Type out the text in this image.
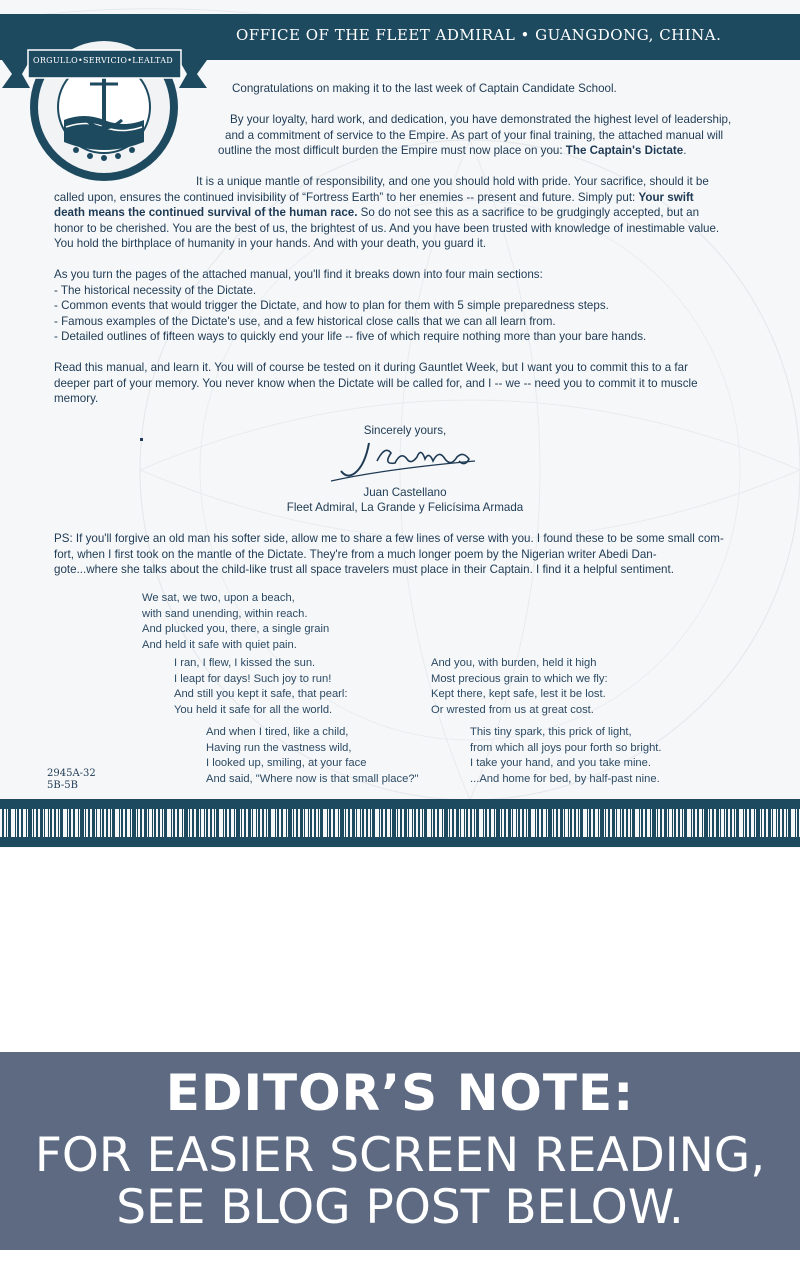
OFFICE OF THE FLEET ADMIRAL • GUANGDONG, CHINA.
ORGULLO•SERVICIO•LEALTAD

Congratulations on making it to the last week of Captain Candidate School.

By your loyalty, hard work, and dedication, you have demonstrated the highest level of leadership,

and a commitment of service to the Empire. As part of your final training, the attached manual will

outline the most difficult burden the Empire must now place on you: The Captain's Dictate.

It is a unique mantle of responsibility, and one you should hold with pride. Your sacrifice, should it be

called upon, ensures the continued invisibility of “Fortress Earth” to her enemies -- present and future. Simply put: Your swift

death means the continued survival of the human race. So do not see this as a sacrifice to be grudgingly accepted, but an

honor to be cherished. You are the best of us, the brightest of us. And you have been trusted with knowledge of inestimable value.

You hold the birthplace of humanity in your hands. And with your death, you guard it.

As you turn the pages of the attached manual, you'll find it breaks down into four main sections:

- The historical necessity of the Dictate.
- Common events that would trigger the Dictate, and how to plan for them with 5 simple preparedness steps.
- Famous examples of the Dictate's use, and a few historical close calls that we can all learn from.
- Detailed outlines of fifteen ways to quickly end your life -- five of which require nothing more than your bare hands.

Read this manual, and learn it. You will of course be tested on it during Gauntlet Week, but I want you to commit this to a far

deeper part of your memory. You never know when the Dictate will be called for, and I -- we -- need you to commit it to muscle

memory.

Sincerely yours,
Juan Castellano
Fleet Admiral, La Grande y Felicísima Armada

PS: If you'll forgive an old man his softer side, allow me to share a few lines of verse with you. I found these to be some small com-

fort, when I first took on the mantle of the Dictate. They're from a much longer poem by the Nigerian writer Abedi Dan-

gote...where she talks about the child-like trust all space travelers must place in their Captain. I find it a helpful sentiment.

We sat, we two, upon a beach,
with sand unending, within reach.
And plucked you, there, a single grain
And held it safe with quiet pain.
I ran, I flew, I kissed the sun.
I leapt for days! Such joy to run!
And still you kept it safe, that pearl:
You held it safe for all the world.
And you, with burden, held it high
Most precious grain to which we fly:
Kept there, kept safe, lest it be lost.
Or wrested from us at great cost.
And when I tired, like a child,
Having run the vastness wild,
I looked up, smiling, at your face
And said, "Where now is that small place?"
This tiny spark, this prick of light,
from which all joys pour forth so bright.
I take your hand, and you take mine.
...And home for bed, by half-past nine.
2945A-32
5B-5B
EDITOR’S NOTE:
FOR EASIER SCREEN READING,
SEE BLOG POST BELOW.
